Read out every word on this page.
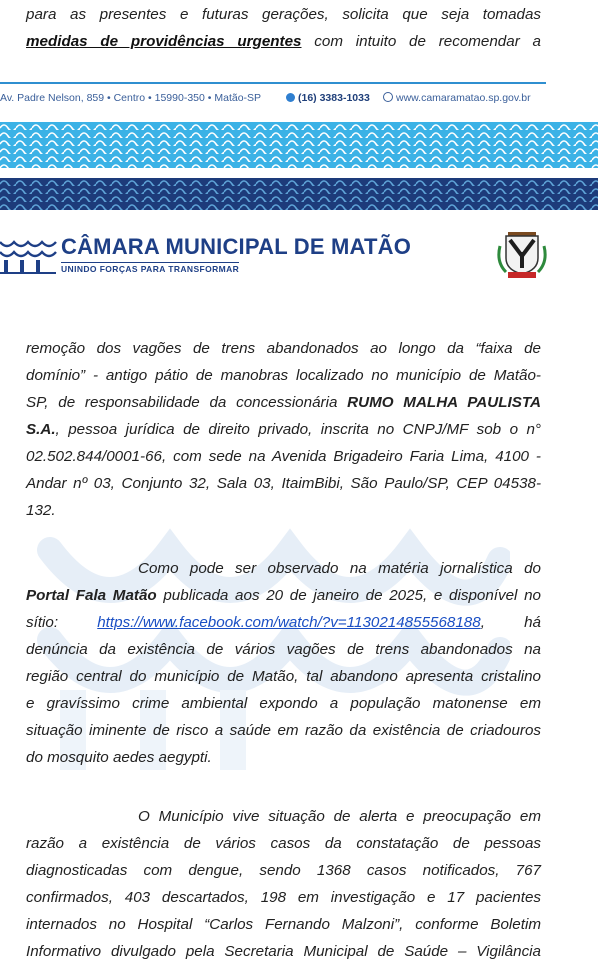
para as presentes e futuras gerações, solicita que seja tomadas
medidas de providências urgentes com intuito de recomendar a
Av. Padre Nelson, 859 • Centro • 15990-350 • Matão-SP	(16) 3383-1033	www.camaramatao.sp.gov.br
CÂMARA MUNICIPAL DE MATÃO
UNINDO FORÇAS PARA TRANSFORMAR
remoção dos vagões de trens abandonados ao longo da “faixa de
domínio” - antigo pátio de manobras localizado no município de Matão-
SP, de responsabilidade da concessionária RUMO MALHA PAULISTA
S.A., pessoa jurídica de direito privado, inscrita no CNPJ/MF sob o n°
02.502.844/0001-66, com sede na Avenida Brigadeiro Faria Lima, 4100 -
Andar nº 03, Conjunto 32, Sala 03, ItaimBibi, São Paulo/SP, CEP 04538-
132.
Como pode ser observado na matéria jornalística do
Portal Fala Matão publicada aos 20 de janeiro de 2025, e disponível no
sítio:	https://www.facebook.com/watch/?v=1130214855568188,	há
denúncia da existência de vários vagões de trens abandonados na
região central do município de Matão, tal abandono apresenta cristalino
e gravíssimo crime ambiental expondo a população matonense em
situação iminente de risco a saúde em razão da existência de criadouros
do mosquito aedes aegypti.
O Município vive situação de alerta e preocupação em
razão a existência de vários casos da constatação de pessoas
diagnosticadas com dengue, sendo 1368 casos notificados, 767
confirmados, 403 descartados, 198 em investigação e 17 pacientes
internados no Hospital “Carlos Fernando Malzoni”, conforme Boletim
Informativo divulgado pela Secretaria Municipal de Saúde – Vigilância
